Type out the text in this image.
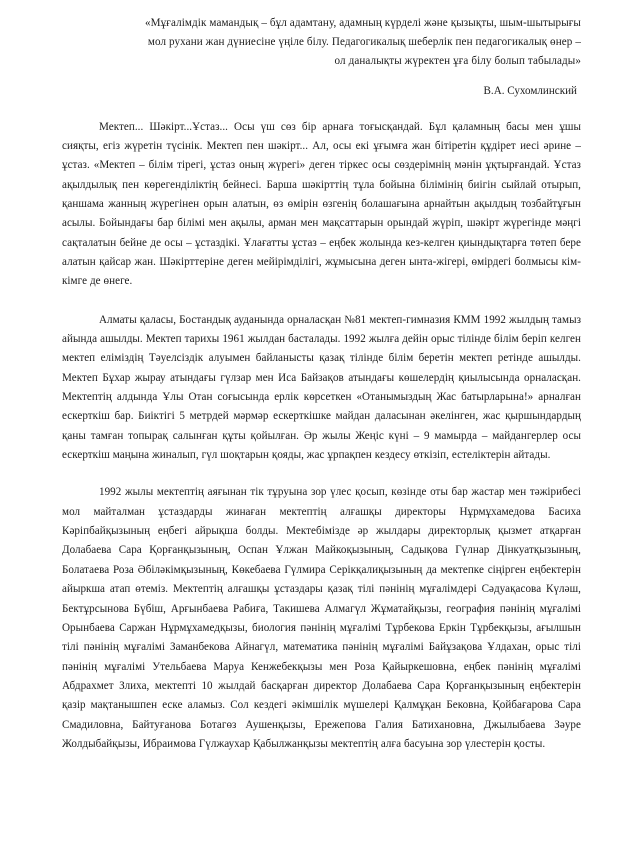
«Мұғалімдік мамандық – бұл адамтану, адамның күрделі және қызықты, шым-шытырығы
мол рухани жан дүниесіне үңіле білу. Педагогикалық шеберлік пен педагогикалық өнер –
ол даналықты жүректен ұға білу болып табылады»
В.А. Сухомлинский

Мектеп... Шәкірт...Ұстаз... Осы үш сөз бір арнаға тоғысқандай. Бұл қаламның басы мен ұшы сияқты, егіз жүретін түсінік. Мектеп пен шәкірт... Ал, осы екі ұғымға жан бітіретін құдірет иесі әрине – ұстаз. «Мектеп – білім тірегі, ұстаз оның жүрегі» деген тіркес осы сөздерімнің мәнін ұқтырғандай. Ұстаз ақылдылық пен көрегенділіктің бейнесі. Барша шәкірттің тұла бойына білімінің биігін сыйлай отырып, қаншама жанның жүрегінен орын алатын, өз өмірін өзгенің болашағына арнайтын ақылдың тозбайтұғын асылы. Бойындағы бар білімі мен ақылы, арман мен мақсаттарын орындай жүріп, шәкірт жүрегінде мәңгі сақталатын бейне де осы – ұстаздікі. Ұлағатты ұстаз – еңбек жолында кез-келген қиындықтарға төтеп бере алатын қайсар жан. Шәкірттеріне деген мейірімділігі, жұмысына деген ынта-жігері, өмірдегі болмысы кім-кімге де өнеге.

Алматы қаласы, Бостандық ауданында орналасқан №81 мектеп-гимназия КММ 1992 жылдың тамыз айында ашылды. Мектеп тарихы 1961 жылдан басталады. 1992 жылға дейін орыс тілінде білім беріп келген мектеп еліміздің Тәуелсіздік алуымен байланысты қазақ тілінде білім беретін мектеп ретінде ашылды. Мектеп Бұхар жырау атындағы гүлзар мен Иса Байзақов атындағы көшелердің қиылысында орналасқан. Мектептің алдында Ұлы Отан соғысында ерлік көрсеткен «Отанымыздың Жас батырларына!» арналған ескерткіш бар. Биіктігі 5 метрдей мәрмәр ескерткішке майдан даласынан әкелінген, жас қыршындардың қаны тамған топырақ салынған құты қойылған. Әр жылы Жеңіс күні – 9 мамырда – майдангерлер осы ескерткіш маңына жиналып, гүл шоқтарын қояды, жас ұрпақпен кездесу өткізіп, естеліктерін айтады.

1992 жылы мектептің аяғынан тік тұруына зор үлес қосып, көзінде оты бар жастар мен тәжірибесі мол майталман ұстаздарды жинаған мектептің алғашқы директоры Нұрмұхамедова Басиха Кәріпбайқызының еңбегі айрықша болды. Мектебімізде әр жылдары директорлық қызмет атқарған Долабаева Сара Қорғанқызының, Оспан Ұлжан Майкоқызының, Садықова Гүлнар Дінкуатқызының, Болатаева Роза Әбіләкімқызының, Көкебаева Гүлмира Серікқалиқызының да мектепке сіңірген еңбектерін айыркша атап өтеміз. Мектептің алғашқы ұстаздары қазақ тілі пәнінің мұғалімдері Сәдуақасова Күләш, Бектұрсынова Бүбіш, Арғынбаева Рабиға, Такишева Алмагүл Жұматайқызы, география пәнінің мұғалімі Орынбаева Саржан Нұрмұхамедқызы, биология пәнінің мұғалімі Тұрбекова Еркін Тұрбекқызы, ағылшын тілі пәнінің мұғалімі Заманбекова Айнагүл, математика пәнінің мұғалімі Байұзақова Ұлдахан, орыс тілі пәнінің мұғалімі Утельбаева Маруа Кенжебекқызы мен Роза Қайыркешовна, еңбек пәнінің мұғалімі Абдрахмет Злиха, мектепті 10 жылдай басқарған директор Долабаева Сара Қорғанқызының еңбектерін қазір мақтанышпен еске аламыз. Сол кездегі әкімшілік мүшелері Қалмұқан Бековна, Қойбағарова Сара Смадиловна, Байтуғанова Ботагөз Аушенқызы, Ережепова Галия Батихановна, Джылыбаева Зәуре Жолдыбайқызы, Ибраимова Гүлжаухар Қабылжанқызы мектептің алға басуына зор үлестерін қосты.
